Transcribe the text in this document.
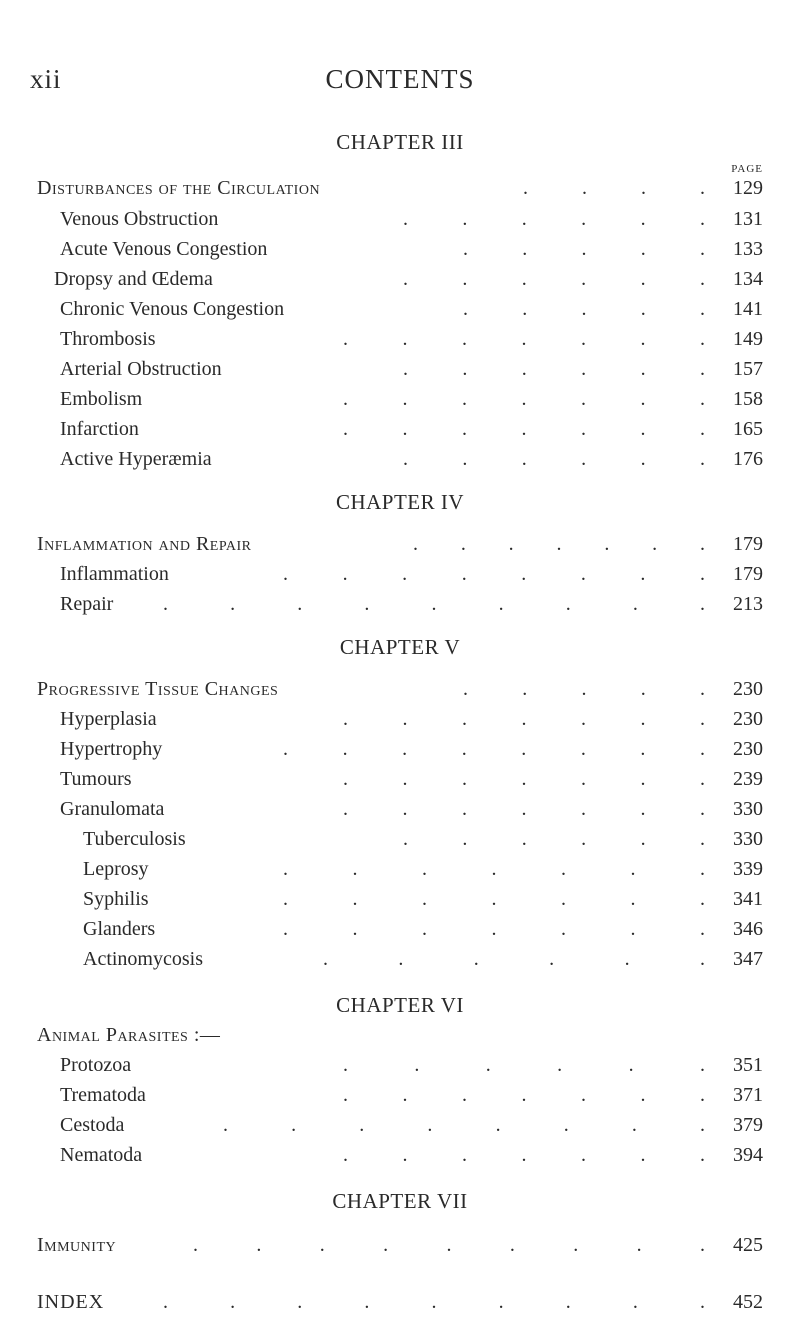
xii	CONTENTS
CHAPTER III
PAGE
Disturbances of the Circulation	.	.	.	. 129
Venous Obstruction	.	.	.	.	.	. 131
Acute Venous Congestion	.	.	.	.	. 133
Dropsy and Œdema	.	.	.	.	.	. 134
Chronic Venous Congestion	.	.	.	.	. 141
Thrombosis	.	.	.	.	.	.	. 149
Arterial Obstruction	.	.	.	.	.	. 157
Embolism	.	.	.	.	.	.	. 158
Infarction	.	.	.	.	.	.	. 165
Active Hyperæmia	.	.	.	.	.	. 176
CHAPTER IV
Inflammation and Repair	. . . . . . . 179
Inflammation	.	.	.	.	.	.	.	. 179
Repair .	.	.	.	.	.	.	.	. 213
CHAPTER V
Progressive Tissue Changes	.	.	.	.	. 230
Hyperplasia	.	.	.	.	.	.	. 230
Hypertrophy	.	.	.	.	.	.	.	. 230
Tumours	.	.	.	.	.	.	. 239
Granulomata	.	.	.	.	.	.	. 330
Tuberculosis	.	.	.	.	.	. 330
Leprosy	.	.	.	.	.	.	. 339
Syphilis	.	.	.	.	.	.	. 341
Glanders	.	.	.	.	.	.	. 346
Actinomycosis	.	.	.	.	.	. 347
CHAPTER VI
Animal Parasites :—
Protozoa	.	.	.	.	.	. 351
Trematoda	.	.	.	.	.	.	. 371
Cestoda	.	.	.	.	.	.	.	. 379
Nematoda	.	.	.	.	.	.	. 394
CHAPTER VII
Immunity	.	.	.	.	.	.	.	.	. 425
INDEX	.	.	.	.	.	.	.	.	. 452
